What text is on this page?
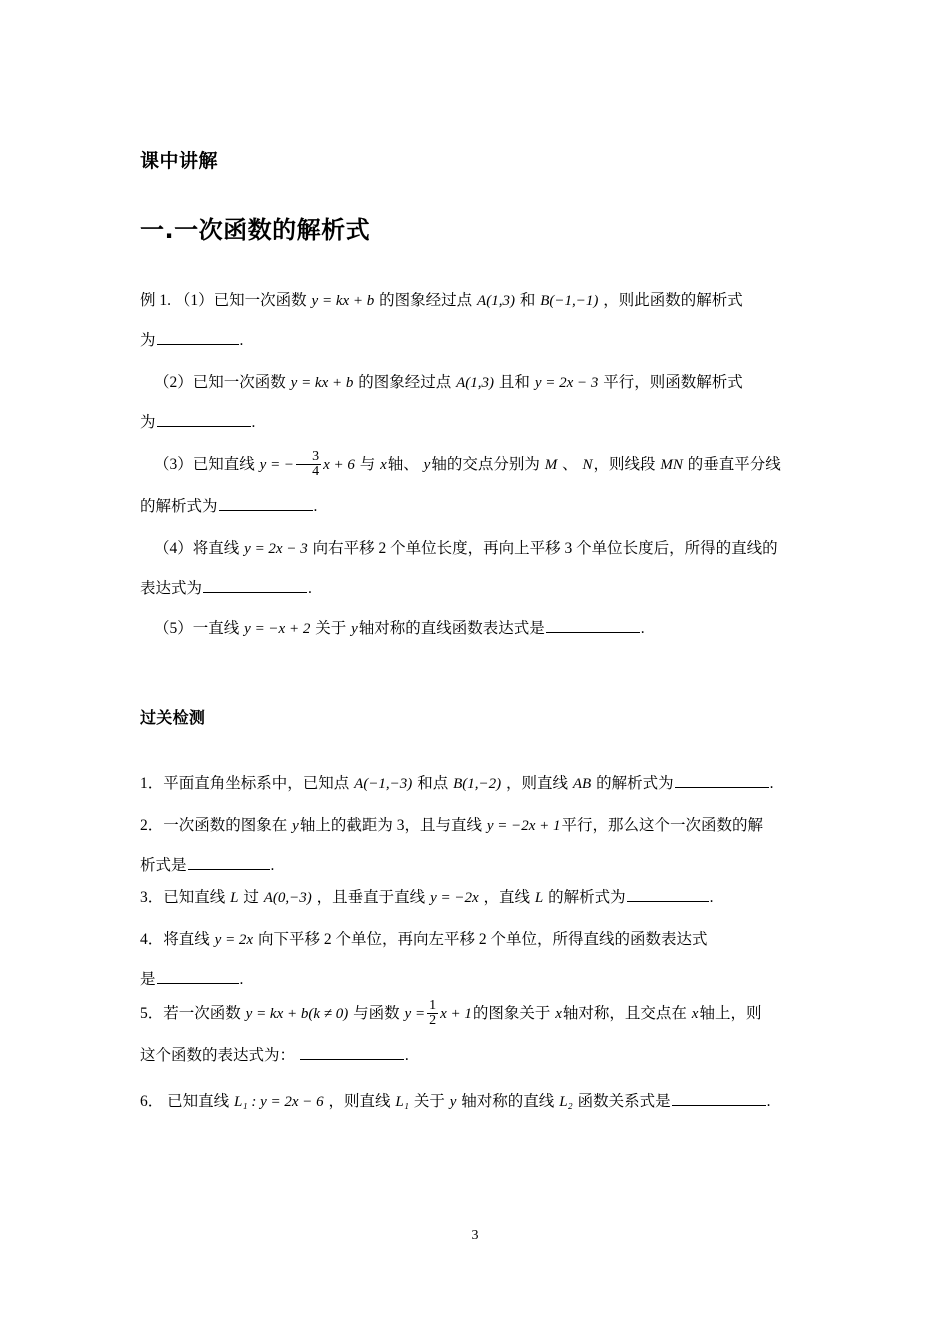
课中讲解
一.一次函数的解析式
例 1. （1）已知一次函数 y = kx + b 的图象经过点 A(1,3) 和 B(−1,−1) ，则此函数的解析式
为	.
（2）已知一次函数 y = kx + b 的图象经过点 A(1,3) 且和 y = 2x − 3 平行，则函数解析式
为	.
（3）已知直线 y = − $\frac{3}{4}$ x + 6 与 x轴、 y轴的交点分别为 M 、 N，则线段 MN 的垂直平分线
的解析式为	.
（4）将直线 y = 2x − 3 向右平移 2 个单位长度，再向上平移 3 个单位长度后，所得的直线的
表达式为	.
（5）一直线 y = −x + 2 关于 y轴对称的直线函数表达式是	.
过关检测
1．平面直角坐标系中，已知点 A(−1,−3) 和点 B(1,−2) ，则直线 AB 的解析式为	.
2．一次函数的图象在 y轴上的截距为 3，且与直线 y = −2x + 1平行，那么这个一次函数的解
析式是	.
3．已知直线 L 过 A(0,−3) ，且垂直于直线 y = −2x ，直线 L 的解析式为	.
4．将直线 y = 2x 向下平移 2 个单位，再向左平移 2 个单位，所得直线的函数表达式
是	.
5．若一次函数 y = kx + b(k ≠ 0) 与函数 $y = \frac{1}{2}$ x + 1的图象关于 x轴对称，且交点在 x轴上，则
这个函数的表达式为：	.
6． 已知直线 L₁ : y = 2x − 6 ，则直线 L₁ 关于 y 轴对称的直线 L₂ 函数关系式是	.
3
